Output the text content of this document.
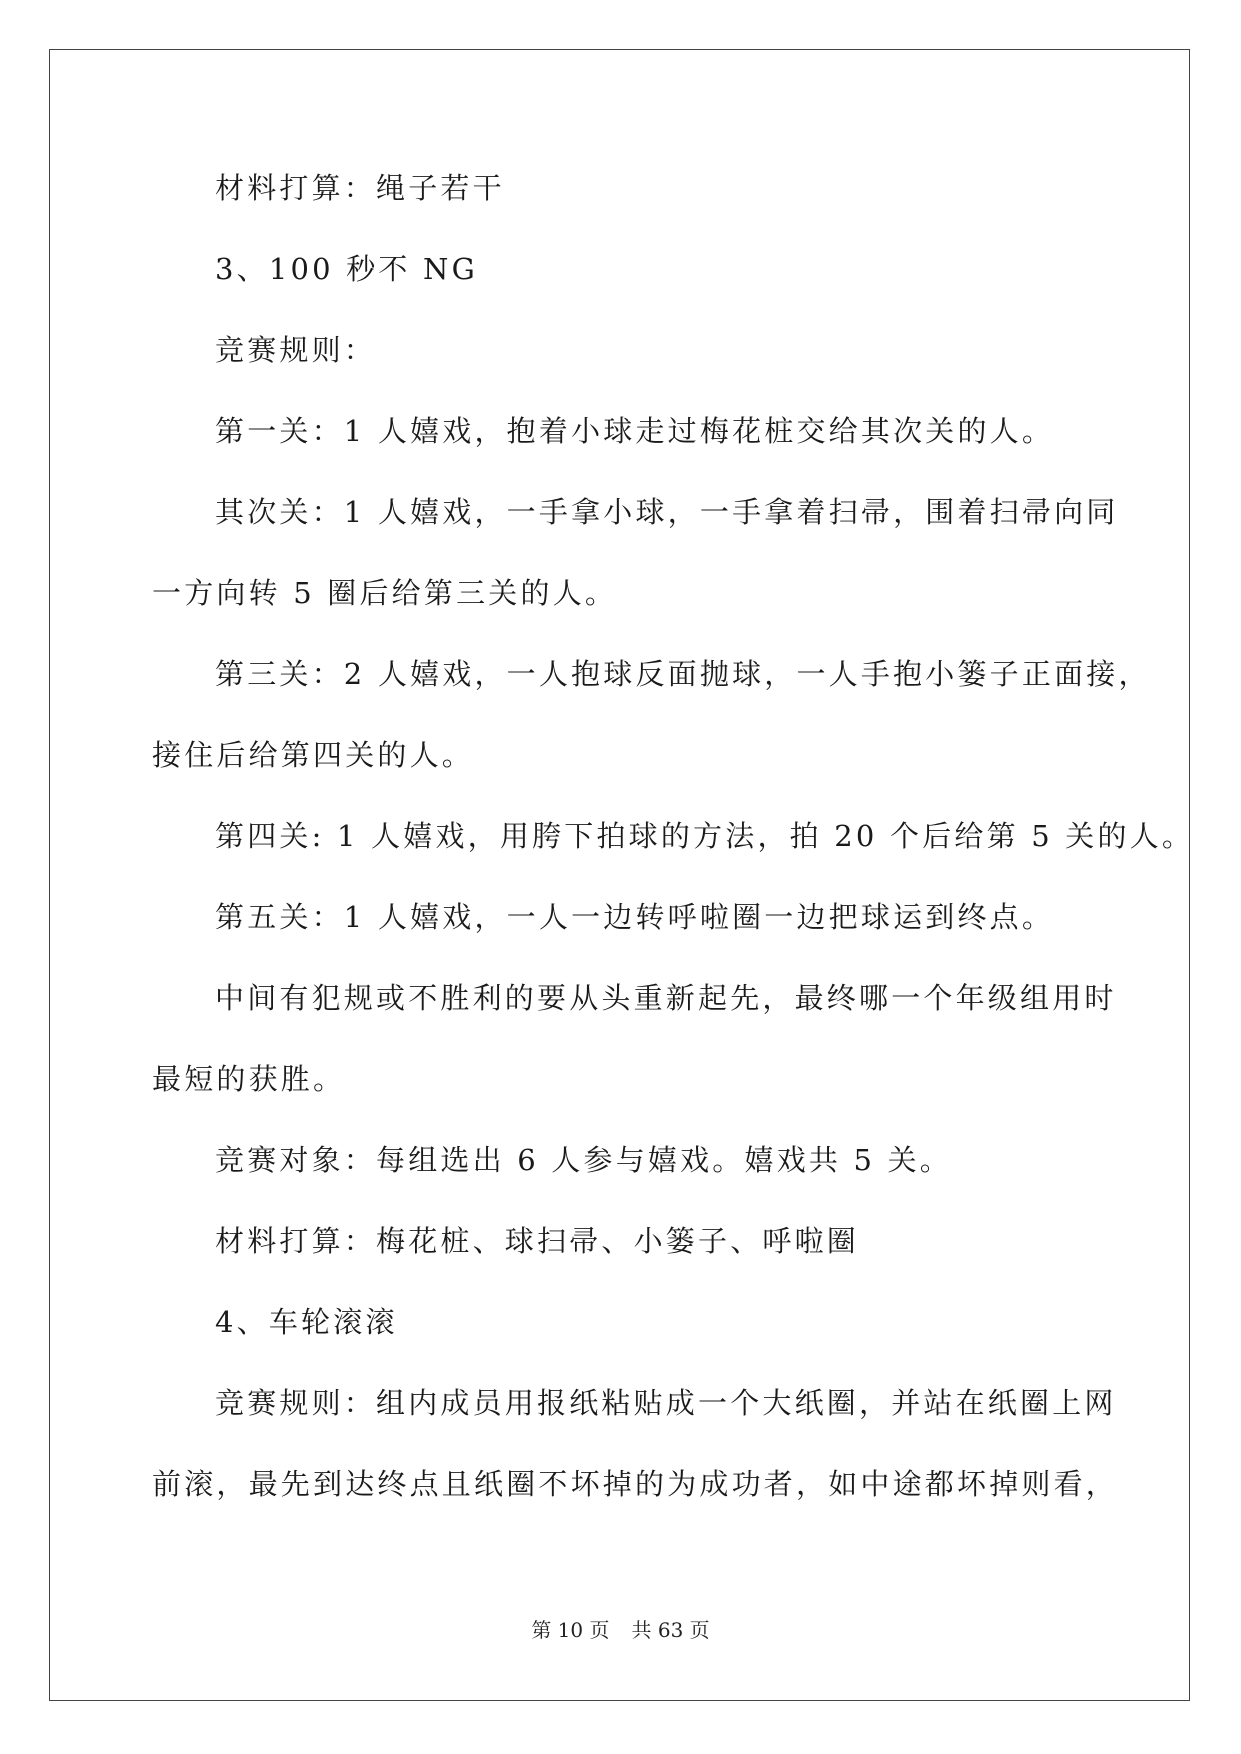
材料打算：绳子若干
3、100 秒不 NG
竞赛规则：
第一关：1 人嬉戏，抱着小球走过梅花桩交给其次关的人。
其次关：1 人嬉戏，一手拿小球，一手拿着扫帚，围着扫帚向同
一方向转 5 圈后给第三关的人。
第三关：2 人嬉戏，一人抱球反面抛球，一人手抱小篓子正面接，
接住后给第四关的人。
第四关: 1 人嬉戏，用胯下拍球的方法，拍 20 个后给第 5 关的人。
第五关：1 人嬉戏，一人一边转呼啦圈一边把球运到终点。
中间有犯规或不胜利的要从头重新起先，最终哪一个年级组用时
最短的获胜。
竞赛对象：每组选出 6 人参与嬉戏。嬉戏共 5 关。
材料打算：梅花桩、球扫帚、小篓子、呼啦圈
4、车轮滚滚
竞赛规则：组内成员用报纸粘贴成一个大纸圈，并站在纸圈上网
前滚，最先到达终点且纸圈不坏掉的为成功者，如中途都坏掉则看，
第 10 页 共 63 页
